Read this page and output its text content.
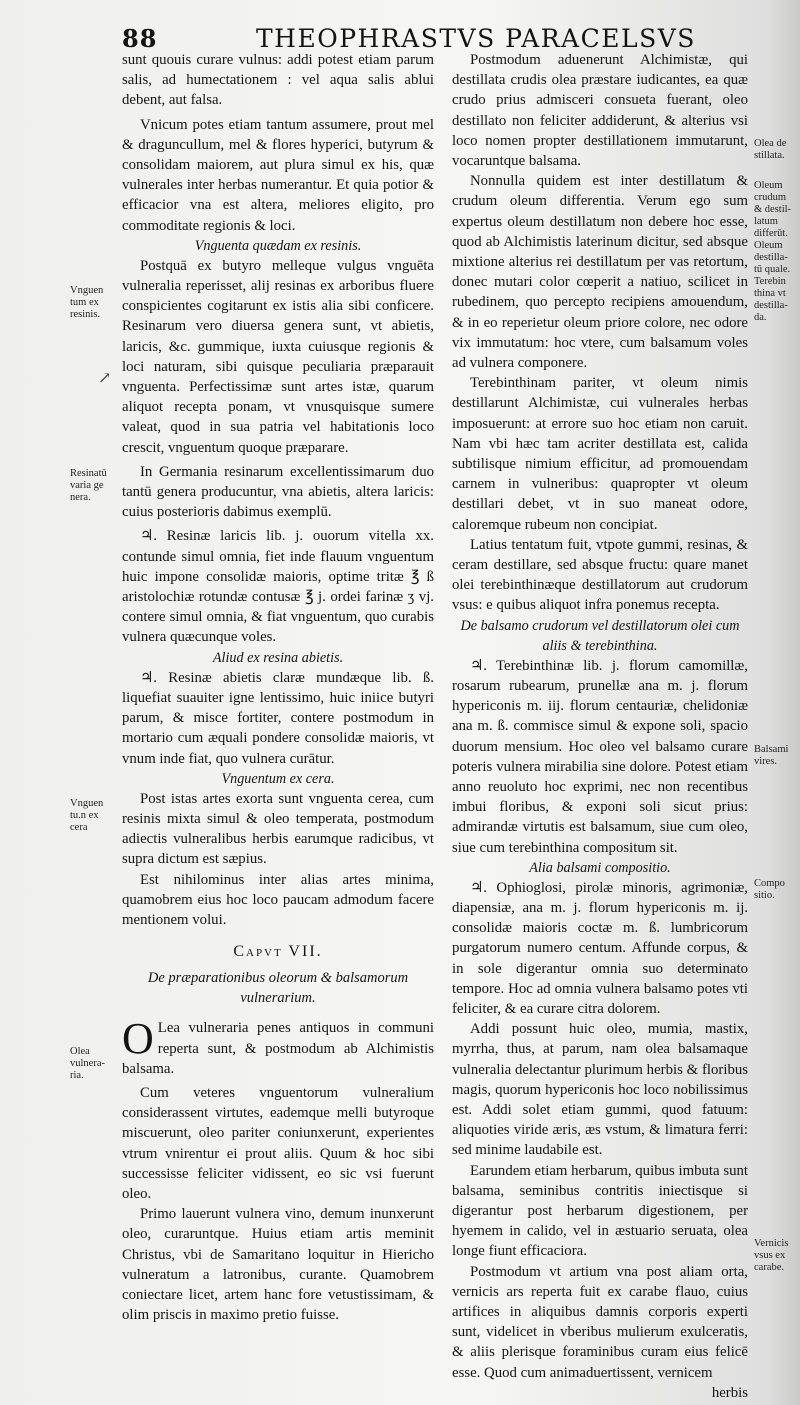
88	THEOPHRASTVS PARACELSVS

sunt quouis curare vulnus: addi potest etiam parum salis, ad humectationem : vel aqua salis ablui debent, aut falsa.

Vnicum potes etiam tantum assumere, prout mel & draguncullum, mel & flores hyperici, butyrum & consolidam maiorem, aut plura simul ex his, quæ vulnerales inter herbas numerantur. Et quia potior & efficacior vna est altera, meliores eligito, pro commoditate regionis & loci.

Vnguenta quædam ex resinis.

Postquā ex butyro melleque vulgus vnguēta vulneralia reperisset, alij resinas ex arboribus fluere conspicientes cogitarunt ex istis alia sibi conficere. Resinarum vero diuersa genera sunt, vt abietis, laricis, &c. gummique, iuxta cuiusque regionis & loci naturam, sibi quisque peculiaria præparauit vnguenta. Perfectissimæ sunt artes istæ, quarum aliquot recepta ponam, vt vnusquisque sumere valeat, quod in sua patria vel habitationis loco crescit, vnguentum quoque præparare.

In Germania resinarum excellentissimarum duo tantū genera producuntur, vna abietis, altera laricis: cuius posterioris dabimus exemplū.

♃. Resinæ laricis lib. j. ouorum vitella xx. contunde simul omnia, fiet inde flauum vnguentum huic impone consolidæ maioris, optime tritæ ℥ ß aristolochiæ rotundæ contusæ ℥ j. ordei farinæ ʒ vj. contere simul omnia, & fiat vnguentum, quo curabis vulnera quæcunque voles.

Aliud ex resina abietis.

♃. Resinæ abietis claræ mundæque lib. ß. liquefiat suauiter igne lentissimo, huic iniice butyri parum, & misce fortiter, contere postmodum in mortario cum æquali pondere consolidæ maioris, vt vnum inde fiat, quo vulnera curātur.

Vnguentum ex cera.

Post istas artes exorta sunt vnguenta cerea, cum resinis mixta simul & oleo temperata, postmodum adiectis vulneralibus herbis earumque radicibus, vt supra dictum est sæpius.

Est nihilominus inter alias artes minima, quamobrem eius hoc loco paucam admodum facere mentionem volui.

Capvt VII.
De præparationibus oleorum & balsamorum vulnerarium.

O Lea vulneraria penes antiquos in communi reperta sunt, & postmodum ab Alchimistis balsama.

Cum veteres vnguentorum vulneralium considerassent virtutes, eademque melli butyroque miscuerunt, oleo pariter coniunxerunt, experientes vtrum vnirentur ei prout aliis. Quum & hoc sibi successisse feliciter vidissent, eo sic vsi fuerunt oleo.

Primo lauerunt vulnera vino, demum inunxerunt oleo, curaruntque. Huius etiam artis meminit Christus, vbi de Samaritano loquitur in Hiericho vulneratum a latronibus, curante. Quamobrem coniectare licet, artem hanc fore vetustissimam, & olim priscis in maximo pretio fuisse.

Postmodum aduenerunt Alchimistæ, qui destillata crudis olea præstare iudicantes, ea quæ crudo prius admisceri consueta fuerant, oleo destillato non feliciter addiderunt, & alterius vsi loco nomen propter destillationem immutarunt, vocaruntque balsama.

Nonnulla quidem est inter destillatum & crudum oleum differentia. Verum ego sum expertus oleum destillatum non debere hoc esse, quod ab Alchimistis laterinum dicitur, sed absque mixtione alterius rei destillatum per vas retortum, donec mutari color cœperit a natiuo, scilicet in rubedinem, quo percepto recipiens amouendum, & in eo reperietur oleum priore colore, nec odore vix immutatum: hoc vtere, cum balsamum voles ad vulnera componere.

Terebinthinam pariter, vt oleum nimis destillarunt Alchimistæ, cui vulnerales herbas imposuerunt: at errore suo hoc etiam non caruit. Nam vbi hæc tam acriter destillata est, calida subtilisque nimium efficitur, ad promouendam carnem in vulneribus: quapropter vt oleum destillari debet, vt in suo maneat odore, caloremque rubeum non concipiat.

Latius tentatum fuit, vtpote gummi, resinas, & ceram destillare, sed absque fructu: quare manet olei terebinthinæque destillatorum aut crudorum vsus: e quibus aliquot infra ponemus recepta.

De balsamo crudorum vel destillatorum olei cum aliis & terebinthina.

♃. Terebinthinæ lib. j. florum camomillæ, rosarum rubearum, prunellæ ana m. j. florum hypericonis m. iij. florum centauriæ, chelidoniæ ana m. ß. commisce simul & expone soli, spacio duorum mensium. Hoc oleo vel balsamo curare poteris vulnera mirabilia sine dolore. Potest etiam anno reuoluto hoc exprimi, nec non recentibus imbui floribus, & exponi soli sicut prius: admirandæ virtutis est balsamum, siue cum oleo, siue cum terebinthina compositum sit.

Alia balsami compositio.

♃. Ophioglosi, pirolæ minoris, agrimoniæ, diapensiæ, ana m. j. florum hypericonis m. ij. consolidæ maioris coctæ m. ß. lumbricorum purgatorum numero centum. Affunde corpus, & in sole digerantur omnia suo determinato tempore. Hoc ad omnia vulnera balsamo potes vti feliciter, & ea curare citra dolorem.

Addi possunt huic oleo, mumia, mastix, myrrha, thus, at parum, nam olea balsamaque vulneralia delectantur plurimum herbis & floribus magis, quorum hypericonis hoc loco nobilissimus est. Addi solet etiam gummi, quod fatuum: aliquoties viride æris, æs vstum, & limatura ferri: sed minime laudabile est.

Earundem etiam herbarum, quibus imbuta sunt balsama, seminibus contritis iniectisque si digerantur post herbarum digestionem, per hyemem in calido, vel in æstuario seruata, olea longe fiunt efficaciora.

Postmodum vt artium vna post aliam orta, vernicis ars reperta fuit ex carabe flauo, cuius artifices in aliquibus damnis corporis experti sunt, videlicet in vberibus mulierum exulceratis, & aliis plerisque foraminibus curam eius felicē esse. Quod cum animaduertissent, vernicem

herbis

↗
Vnguen
tum ex
resinis.
Resinatū
varia ge
nera.
Vnguen
tu.n ex
cera
Olea
vulnera-
ria.
Olea de
stillata.
Oleum
crudum
& destil-
latum
differūt.
Oleum
destilla-
tū quale.
Terebin
thina vt
destilla-
da.
Balsami
vires.
Compo
sitio.
Vernicis
vsus ex
carabe.
